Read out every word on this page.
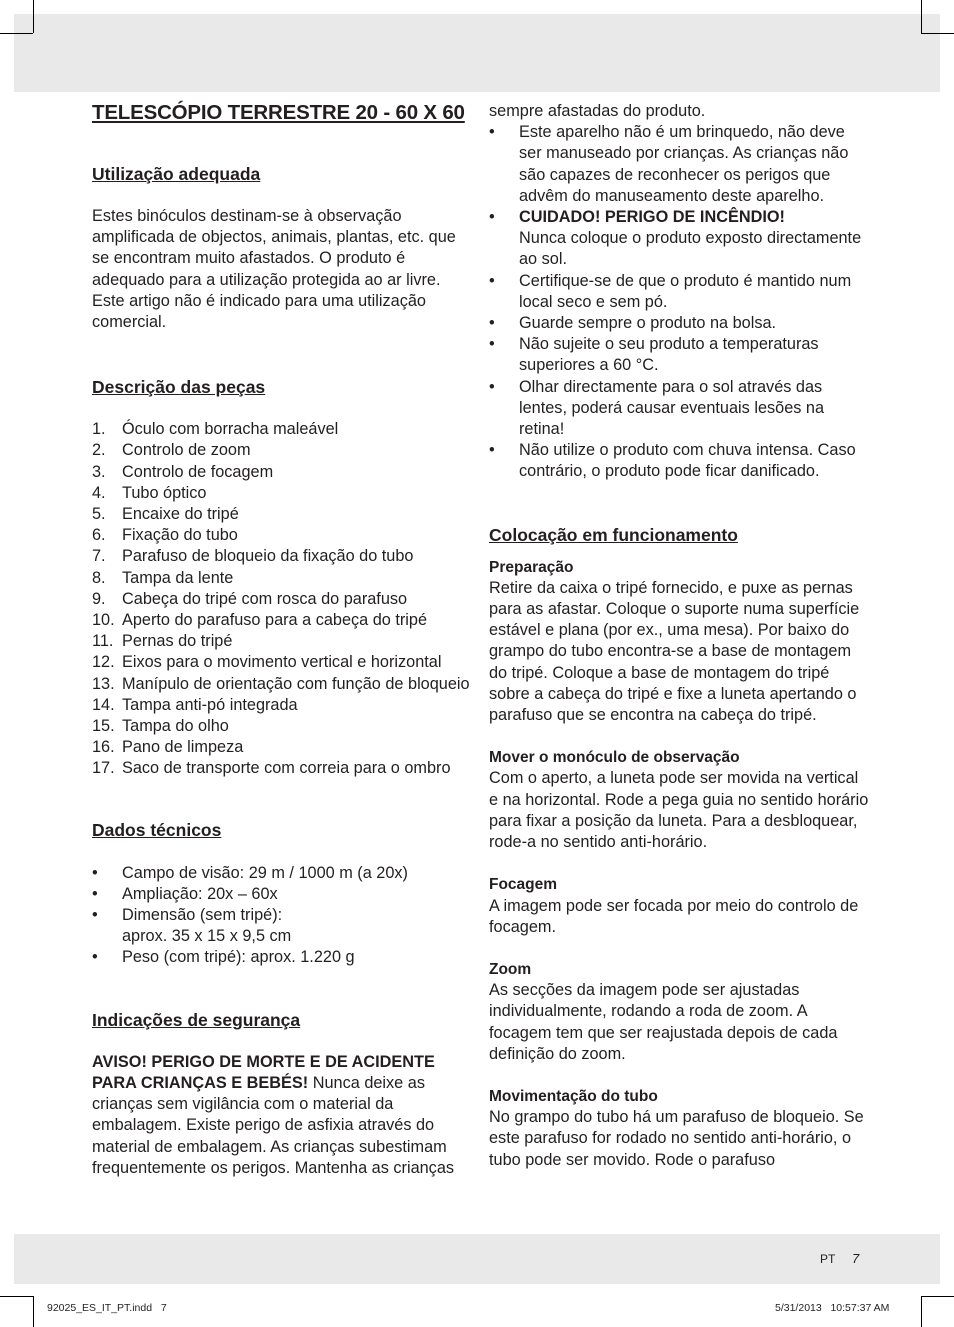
TELESCÓPIO TERRESTRE 20 - 60 X 60
Utilização adequada

Estes binóculos destinam-se à observação amplificada de objectos, animais, plantas, etc. que se encontram muito afastados. O produto é adequado para a utilização protegida ao ar livre. Este artigo não é indicado para uma utilização comercial.

Descrição das peças
1. Óculo com borracha maleável
2. Controlo de zoom
3. Controlo de focagem
4. Tubo óptico
5. Encaixe do tripé
6. Fixação do tubo
7. Parafuso de bloqueio da fixação do tubo
8. Tampa da lente
9. Cabeça do tripé com rosca do parafuso
10. Aperto do parafuso para a cabeça do tripé
11. Pernas do tripé
12. Eixos para o movimento vertical e horizontal
13. Manípulo de orientação com função de bloqueio
14. Tampa anti-pó integrada
15. Tampa do olho
16. Pano de limpeza
17. Saco de transporte com correia para o ombro
Dados técnicos
•	Campo de visão: 29 m / 1000 m (a 20x)
•	Ampliação: 20x – 60x
•	Dimensão (sem tripé):
aprox. 35 x 15 x 9,5 cm
•	Peso (com tripé): aprox. 1.220 g
Indicações de segurança

AVISO! PERIGO DE MORTE E DE ACIDENTE PARA CRIANÇAS E BEBÉS! Nunca deixe as crianças sem vigilância com o material da embalagem. Existe perigo de asfixia através do material de embalagem. As crianças subestimam frequentemente os perigos. Mantenha as crianças

sempre afastadas do produto.

•	Este aparelho não é um brinquedo, não deve ser manuseado por crianças. As crianças não são capazes de reconhecer os perigos que advêm do manuseamento deste aparelho.
•	CUIDADO! PERIGO DE INCÊNDIO!
Nunca coloque o produto exposto directamente ao sol.
•	Certifique-se de que o produto é mantido num local seco e sem pó.
•	Guarde sempre o produto na bolsa.
•	Não sujeite o seu produto a temperaturas superiores a 60 °C.
•	Olhar directamente para o sol através das lentes, poderá causar eventuais lesões na retina!
•	Não utilize o produto com chuva intensa. Caso contrário, o produto pode ficar danificado.
Colocação em funcionamento

Preparação

Retire da caixa o tripé fornecido, e puxe as pernas para as afastar. Coloque o suporte numa superfície estável e plana (por ex., uma mesa). Por baixo do grampo do tubo encontra-se a base de montagem do tripé. Coloque a base de montagem do tripé sobre a cabeça do tripé e fixe a luneta apertando o parafuso que se encontra na cabeça do tripé.

Mover o monóculo de observação

Com o aperto, a luneta pode ser movida na vertical e na horizontal. Rode a pega guia no sentido horário para fixar a posição da luneta. Para a desbloquear, rode-a no sentido anti-horário.

Focagem

A imagem pode ser focada por meio do controlo de focagem.

Zoom

As secções da imagem pode ser ajustadas individualmente, rodando a roda de zoom. A focagem tem que ser reajustada depois de cada definição do zoom.

Movimentação do tubo

No grampo do tubo há um parafuso de bloqueio. Se este parafuso for rodado no sentido anti-horário, o tubo pode ser movido. Rode o parafuso

PT 7
92025_ES_IT_PT.indd   7	5/31/2013   10:57:37 AM
